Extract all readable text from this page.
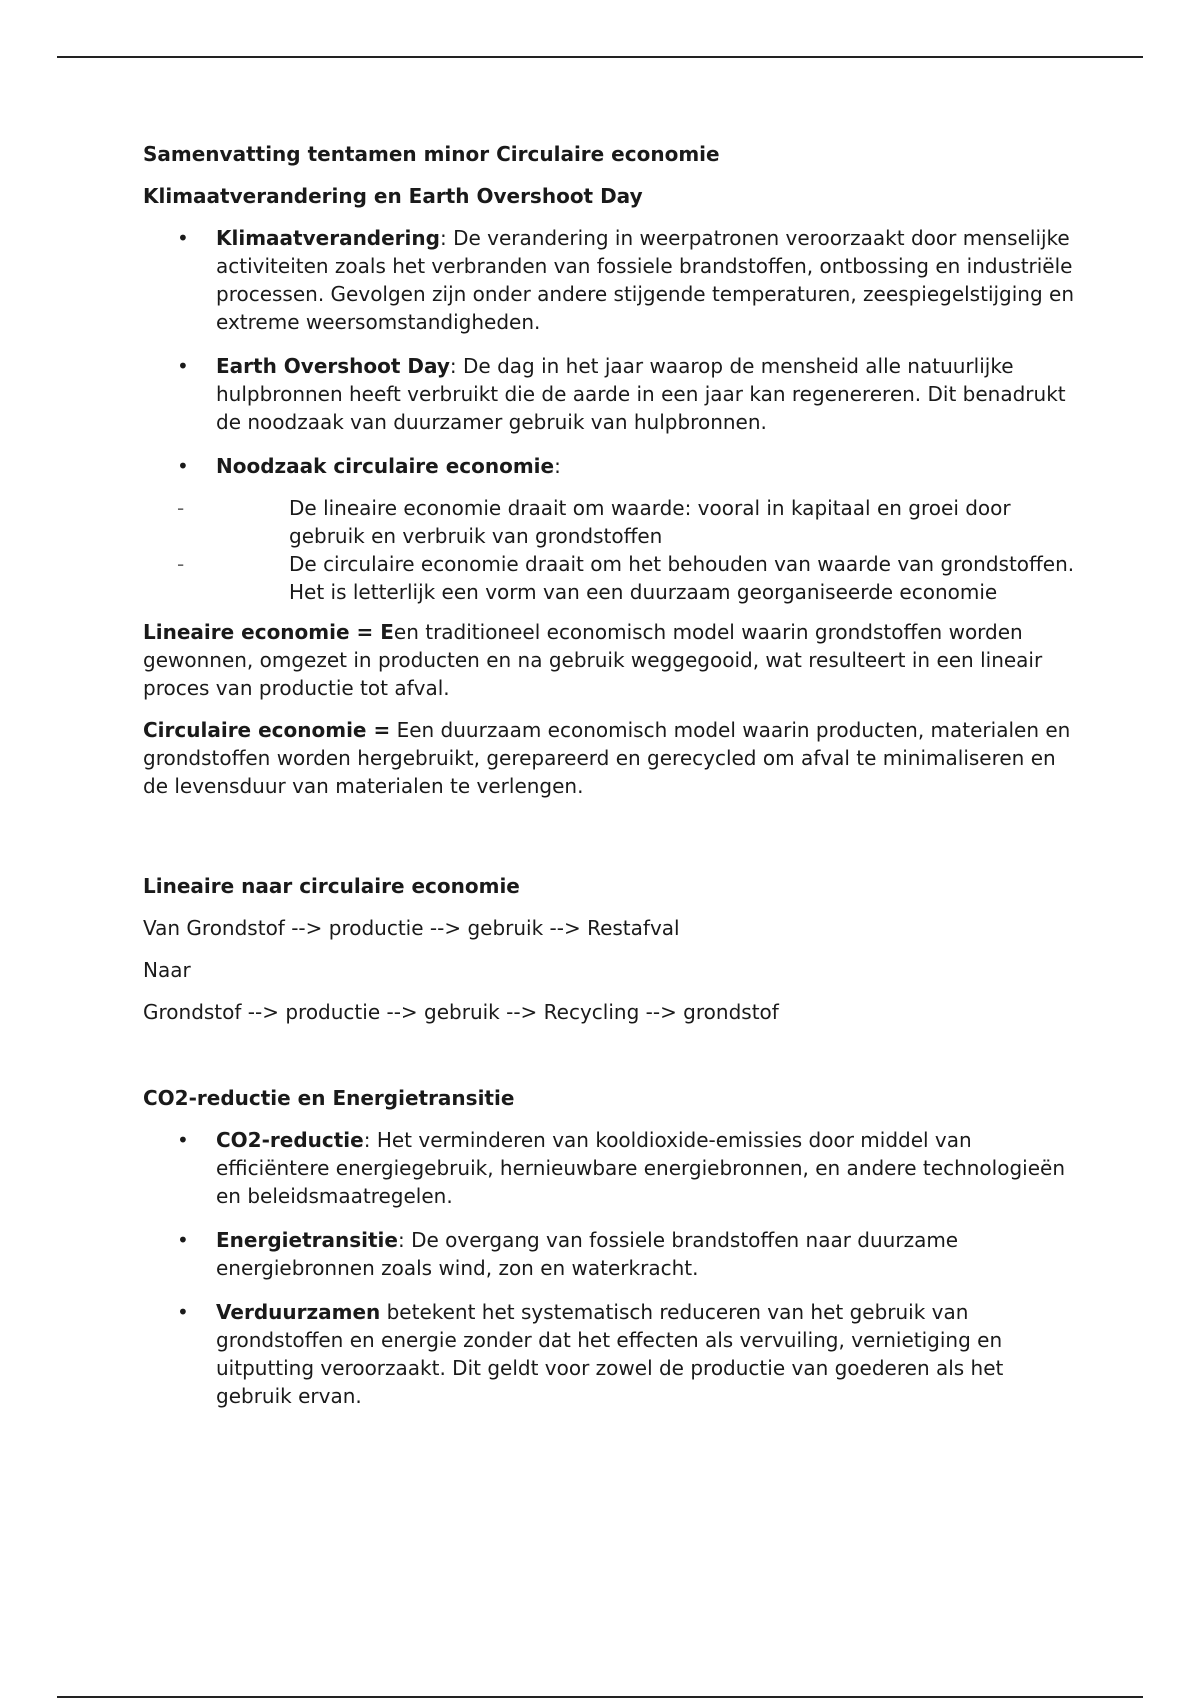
Samenvatting tentamen minor Circulaire economie
Klimaatverandering en Earth Overshoot Day
• Klimaatverandering: De verandering in weerpatronen veroorzaakt door menselijke activiteiten zoals het verbranden van fossiele brandstoffen, ontbossing en industriële processen. Gevolgen zijn onder andere stijgende temperaturen, zeespiegelstijging en extreme weersomstandigheden.
• Earth Overshoot Day: De dag in het jaar waarop de mensheid alle natuurlijke hulpbronnen heeft verbruikt die de aarde in een jaar kan regenereren. Dit benadrukt de noodzaak van duurzamer gebruik van hulpbronnen.
• Noodzaak circulaire economie:
- De lineaire economie draait om waarde: vooral in kapitaal en groei door gebruik en verbruik van grondstoffen
- De circulaire economie draait om het behouden van waarde van grondstoffen. Het is letterlijk een vorm van een duurzaam georganiseerde economie

Lineaire economie = Een traditioneel economisch model waarin grondstoffen worden gewonnen, omgezet in producten en na gebruik weggegooid, wat resulteert in een lineair proces van productie tot afval.

Circulaire economie = Een duurzaam economisch model waarin producten, materialen en grondstoffen worden hergebruikt, gerepareerd en gerecycled om afval te minimaliseren en de levensduur van materialen te verlengen.

Lineaire naar circulaire economie

Van Grondstof --> productie --> gebruik --> Restafval

Naar

Grondstof --> productie --> gebruik --> Recycling --> grondstof

CO2-reductie en Energietransitie
• CO2-reductie: Het verminderen van kooldioxide-emissies door middel van efficiëntere energiegebruik, hernieuwbare energiebronnen, en andere technologieën en beleidsmaatregelen.
• Energietransitie: De overgang van fossiele brandstoffen naar duurzame energiebronnen zoals wind, zon en waterkracht.
• Verduurzamen betekent het systematisch reduceren van het gebruik van grondstoffen en energie zonder dat het effecten als vervuiling, vernietiging en uitputting veroorzaakt. Dit geldt voor zowel de productie van goederen als het gebruik ervan.
